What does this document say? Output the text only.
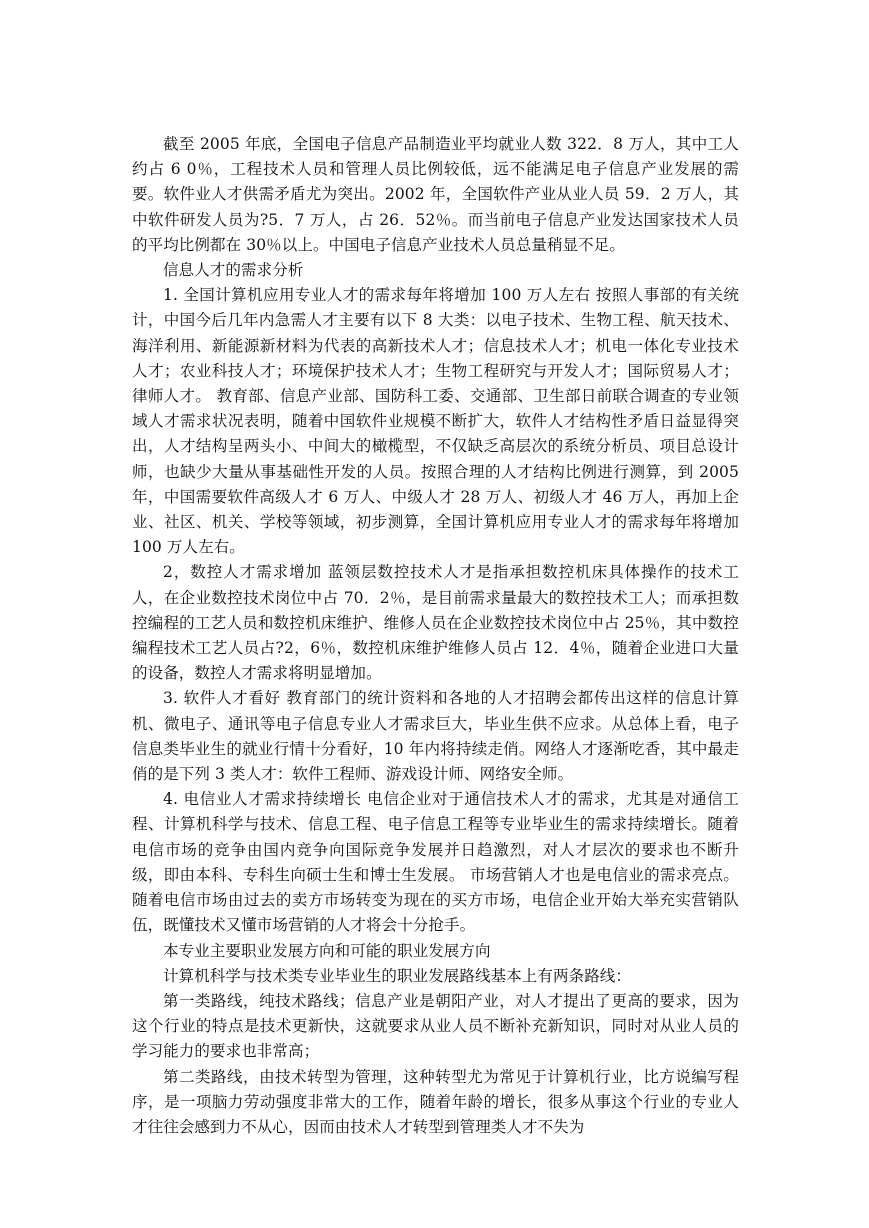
截至 2005 年底，全国电子信息产品制造业平均就业人数 322．8 万人，其中工人约占 6 0％，工程技术人员和管理人员比例较低，远不能满足电子信息产业发展的需要。软件业人才供需矛盾尤为突出。2002 年，全国软件产业从业人员 59．2 万人，其中软件研发人员为?5．7 万人，占 26．52％。而当前电子信息产业发达国家技术人员的平均比例都在 30％以上。中国电子信息产业技术人员总量稍显不足。

信息人才的需求分析

1. 全国计算机应用专业人才的需求每年将增加 100 万人左右 按照人事部的有关统计，中国今后几年内急需人才主要有以下 8 大类：以电子技术、生物工程、航天技术、海洋利用、新能源新材料为代表的高新技术人才；信息技术人才；机电一体化专业技术人才；农业科技人才；环境保护技术人才；生物工程研究与开发人才；国际贸易人才；律师人才。 教育部、信息产业部、国防科工委、交通部、卫生部日前联合调查的专业领域人才需求状况表明，随着中国软件业规模不断扩大，软件人才结构性矛盾日益显得突出，人才结构呈两头小、中间大的橄榄型，不仅缺乏高层次的系统分析员、项目总设计师，也缺少大量从事基础性开发的人员。按照合理的人才结构比例进行测算，到 2005 年，中国需要软件高级人才 6 万人、中级人才 28 万人、初级人才 46 万人，再加上企业、社区、机关、学校等领域，初步测算，全国计算机应用专业人才的需求每年将增加 100 万人左右。

2，数控人才需求增加 蓝领层数控技术人才是指承担数控机床具体操作的技术工人，在企业数控技术岗位中占 70．2％，是目前需求量最大的数控技术工人；而承担数控编程的工艺人员和数控机床维护、维修人员在企业数控技术岗位中占 25％，其中数控编程技术工艺人员占?2，6％，数控机床维护维修人员占 12．4％，随着企业进口大量的设备，数控人才需求将明显增加。

3. 软件人才看好 教育部门的统计资料和各地的人才招聘会都传出这样的信息计算机、微电子、通讯等电子信息专业人才需求巨大，毕业生供不应求。从总体上看，电子信息类毕业生的就业行情十分看好，10 年内将持续走俏。网络人才逐渐吃香，其中最走俏的是下列 3 类人才：软件工程师、游戏设计师、网络安全师。

4. 电信业人才需求持续增长 电信企业对于通信技术人才的需求，尤其是对通信工程、计算机科学与技术、信息工程、电子信息工程等专业毕业生的需求持续增长。随着电信市场的竞争由国内竞争向国际竞争发展并日趋激烈，对人才层次的要求也不断升级，即由本科、专科生向硕士生和博士生发展。 市场营销人才也是电信业的需求亮点。随着电信市场由过去的卖方市场转变为现在的买方市场，电信企业开始大举充实营销队伍，既懂技术又懂市场营销的人才将会十分抢手。

本专业主要职业发展方向和可能的职业发展方向

计算机科学与技术类专业毕业生的职业发展路线基本上有两条路线：

第一类路线，纯技术路线；信息产业是朝阳产业，对人才提出了更高的要求，因为这个行业的特点是技术更新快，这就要求从业人员不断补充新知识，同时对从业人员的学习能力的要求也非常高；

第二类路线，由技术转型为管理，这种转型尤为常见于计算机行业，比方说编写程序，是一项脑力劳动强度非常大的工作，随着年龄的增长，很多从事这个行业的专业人才往往会感到力不从心，因而由技术人才转型到管理类人才不失为
